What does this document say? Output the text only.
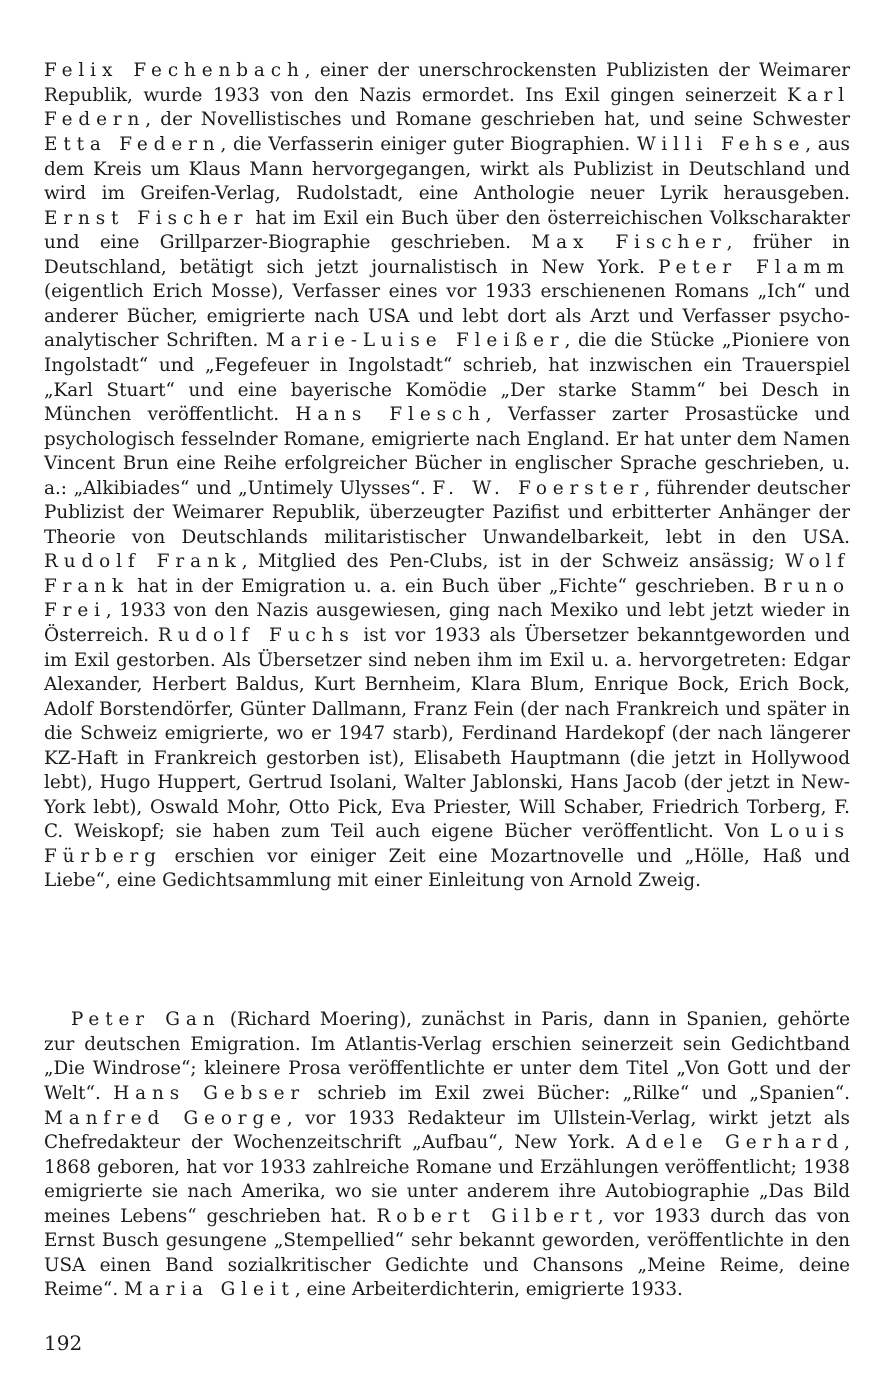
Felix Fechenbach, einer der unerschrockensten Publizisten der Weimarer Republik, wurde 1933 von den Nazis ermordet. Ins Exil gingen seinerzeit Karl Federn, der Novellistisches und Romane geschrieben hat, und seine Schwester Etta Federn, die Verfasserin einiger guter Biographien. Willi Fehse, aus dem Kreis um Klaus Mann hervorgegangen, wirkt als Publizist in Deutschland und wird im Greifen-Verlag, Rudolstadt, eine Anthologie neuer Lyrik herausgeben. Ernst Fischer hat im Exil ein Buch über den österreichischen Volkscharakter und eine Grillparzer-Biographie geschrieben. Max Fischer, früher in Deutschland, betätigt sich jetzt journalistisch in New York. Peter Flamm (eigentlich Erich Mosse), Verfasser eines vor 1933 erschienenen Romans „Ich“ und anderer Bücher, emigrierte nach USA und lebt dort als Arzt und Verfasser psycho-analytischer Schriften. Marie-Luise Fleißer, die die Stücke „Pioniere von Ingolstadt“ und „Fegefeuer in Ingolstadt“ schrieb, hat inzwischen ein Trauerspiel „Karl Stuart“ und eine bayerische Komödie „Der starke Stamm“ bei Desch in München veröffentlicht. Hans Flesch, Verfasser zarter Prosastücke und psychologisch fesselnder Romane, emigrierte nach England. Er hat unter dem Namen Vincent Brun eine Reihe erfolgreicher Bücher in englischer Sprache geschrieben, u. a.: „Alkibiades“ und „Untimely Ulysses“. F. W. Foerster, führender deutscher Publizist der Weimarer Republik, überzeugter Pazifist und erbitterter Anhänger der Theorie von Deutschlands militaristischer Unwandelbarkeit, lebt in den USA. Rudolf Frank, Mitglied des Pen-Clubs, ist in der Schweiz ansässig; Wolf Frank hat in der Emigration u. a. ein Buch über „Fichte“ geschrieben. Bruno Frei, 1933 von den Nazis ausgewiesen, ging nach Mexiko und lebt jetzt wieder in Österreich. Rudolf Fuchs ist vor 1933 als Übersetzer bekanntgeworden und im Exil gestorben. Als Übersetzer sind neben ihm im Exil u. a. hervorgetreten: Edgar Alexander, Herbert Baldus, Kurt Bernheim, Klara Blum, Enrique Bock, Erich Bock, Adolf Borstendörfer, Günter Dallmann, Franz Fein (der nach Frankreich und später in die Schweiz emigrierte, wo er 1947 starb), Ferdinand Hardekopf (der nach längerer KZ-Haft in Frankreich gestorben ist), Elisabeth Hauptmann (die jetzt in Hollywood lebt), Hugo Huppert, Gertrud Isolani, Walter Jablonski, Hans Jacob (der jetzt in New-York lebt), Oswald Mohr, Otto Pick, Eva Priester, Will Schaber, Friedrich Torberg, F. C. Weiskopf; sie haben zum Teil auch eigene Bücher veröffentlicht. Von Louis Fürberg erschien vor einiger Zeit eine Mozartnovelle und „Hölle, Haß und Liebe“, eine Gedichtsammlung mit einer Einleitung von Arnold Zweig.

Peter Gan (Richard Moering), zunächst in Paris, dann in Spanien, gehörte zur deutschen Emigration. Im Atlantis-Verlag erschien seinerzeit sein Gedichtband „Die Windrose“; kleinere Prosa veröffentlichte er unter dem Titel „Von Gott und der Welt“. Hans Gebser schrieb im Exil zwei Bücher: „Rilke“ und „Spanien“. Manfred George, vor 1933 Redakteur im Ullstein-Verlag, wirkt jetzt als Chefredakteur der Wochenzeitschrift „Aufbau“, New York. Adele Gerhard, 1868 geboren, hat vor 1933 zahlreiche Romane und Erzählungen veröffentlicht; 1938 emigrierte sie nach Amerika, wo sie unter anderem ihre Autobiographie „Das Bild meines Lebens“ geschrieben hat. Robert Gilbert, vor 1933 durch das von Ernst Busch gesungene „Stempellied“ sehr bekannt geworden, veröffentlichte in den USA einen Band sozialkritischer Gedichte und Chansons „Meine Reime, deine Reime“. Maria Gleit, eine Arbeiterdichterin, emigrierte 1933.

192
